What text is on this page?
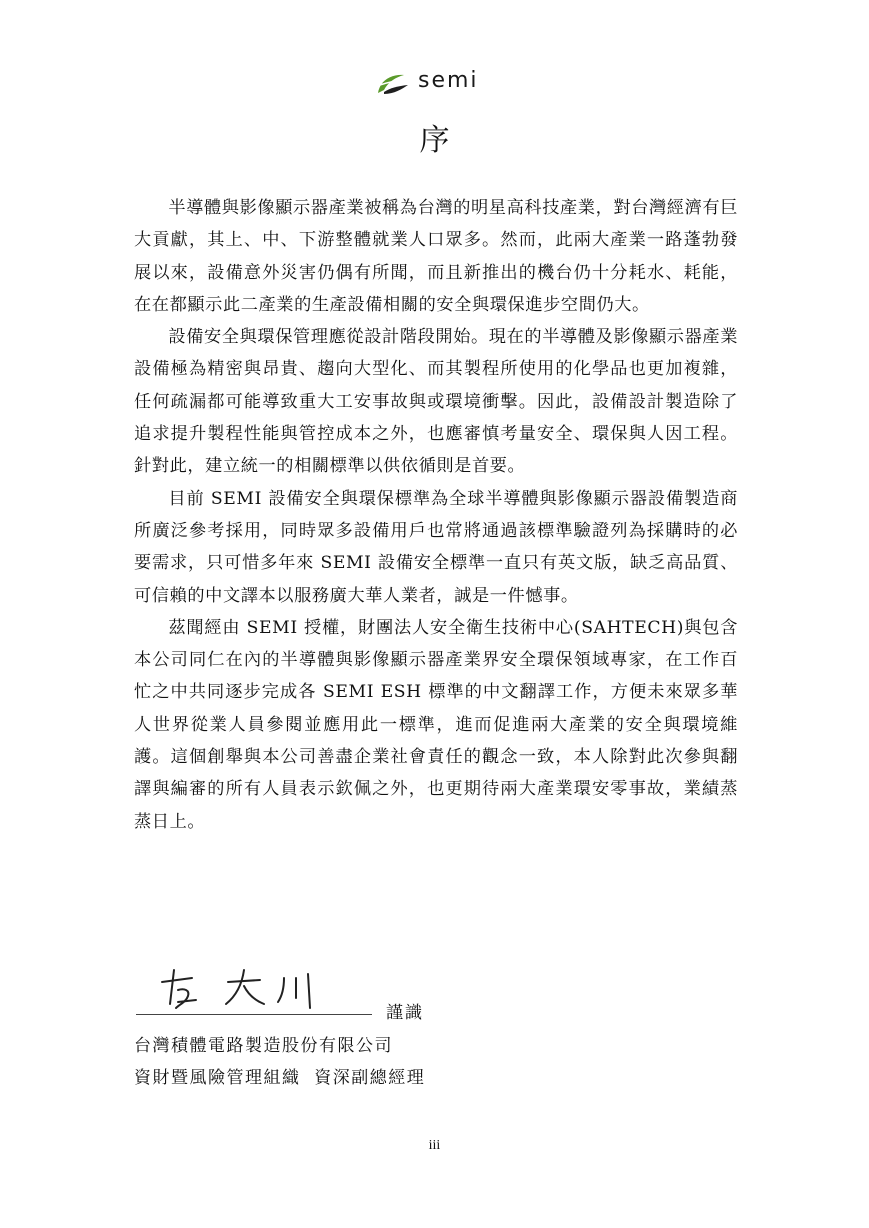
semi
序

半導體與影像顯示器產業被稱為台灣的明星高科技產業，對台灣經濟有巨大貢獻，其上、中、下游整體就業人口眾多。然而，此兩大產業一路蓬勃發展以來，設備意外災害仍偶有所聞，而且新推出的機台仍十分耗水、耗能，在在都顯示此二產業的生產設備相關的安全與環保進步空間仍大。

設備安全與環保管理應從設計階段開始。現在的半導體及影像顯示器產業設備極為精密與昂貴、趨向大型化、而其製程所使用的化學品也更加複雜，任何疏漏都可能導致重大工安事故與或環境衝擊。因此，設備設計製造除了追求提升製程性能與管控成本之外，也應審慎考量安全、環保與人因工程。針對此，建立統一的相關標準以供依循則是首要。

目前 SEMI 設備安全與環保標準為全球半導體與影像顯示器設備製造商所廣泛參考採用，同時眾多設備用戶也常將通過該標準驗證列為採購時的必要需求，只可惜多年來 SEMI 設備安全標準一直只有英文版，缺乏高品質、可信賴的中文譯本以服務廣大華人業者，誠是一件憾事。

茲聞經由 SEMI 授權，財團法人安全衛生技術中心(SAHTECH)與包含本公司同仁在內的半導體與影像顯示器產業界安全環保領域專家，在工作百忙之中共同逐步完成各 SEMI ESH 標準的中文翻譯工作，方便未來眾多華人世界從業人員參閱並應用此一標準，進而促進兩大產業的安全與環境維護。這個創舉與本公司善盡企業社會責任的觀念一致，本人除對此次參與翻譯與編審的所有人員表示欽佩之外，也更期待兩大產業環安零事故，業績蒸蒸日上。

謹識
台灣積體電路製造股份有限公司
資財暨風險管理組織  資深副總經理
iii
